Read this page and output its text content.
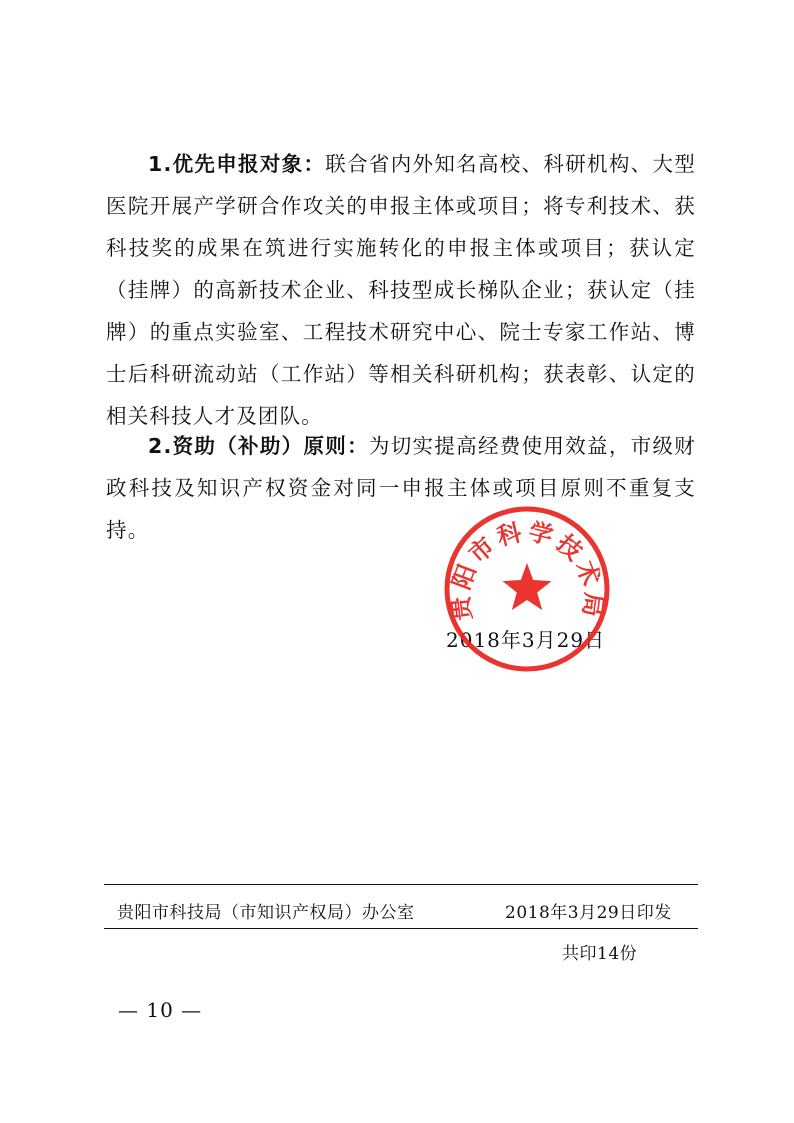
1.优先申报对象：联合省内外知名高校、科研机构、大型医院开展产学研合作攻关的申报主体或项目；将专利技术、获科技奖的成果在筑进行实施转化的申报主体或项目；获认定（挂牌）的高新技术企业、科技型成长梯队企业；获认定（挂牌）的重点实验室、工程技术研究中心、院士专家工作站、博士后科研流动站（工作站）等相关科研机构；获表彰、认定的相关科技人才及团队。

2.资助（补助）原则：为切实提高经费使用效益，市级财政科技及知识产权资金对同一申报主体或项目原则不重复支持。

2018年3月29日
贵阳市科学技术局
贵阳市科技局（市知识产权局）办公室	2018年3月29日印发
共印14份
— 10 —
